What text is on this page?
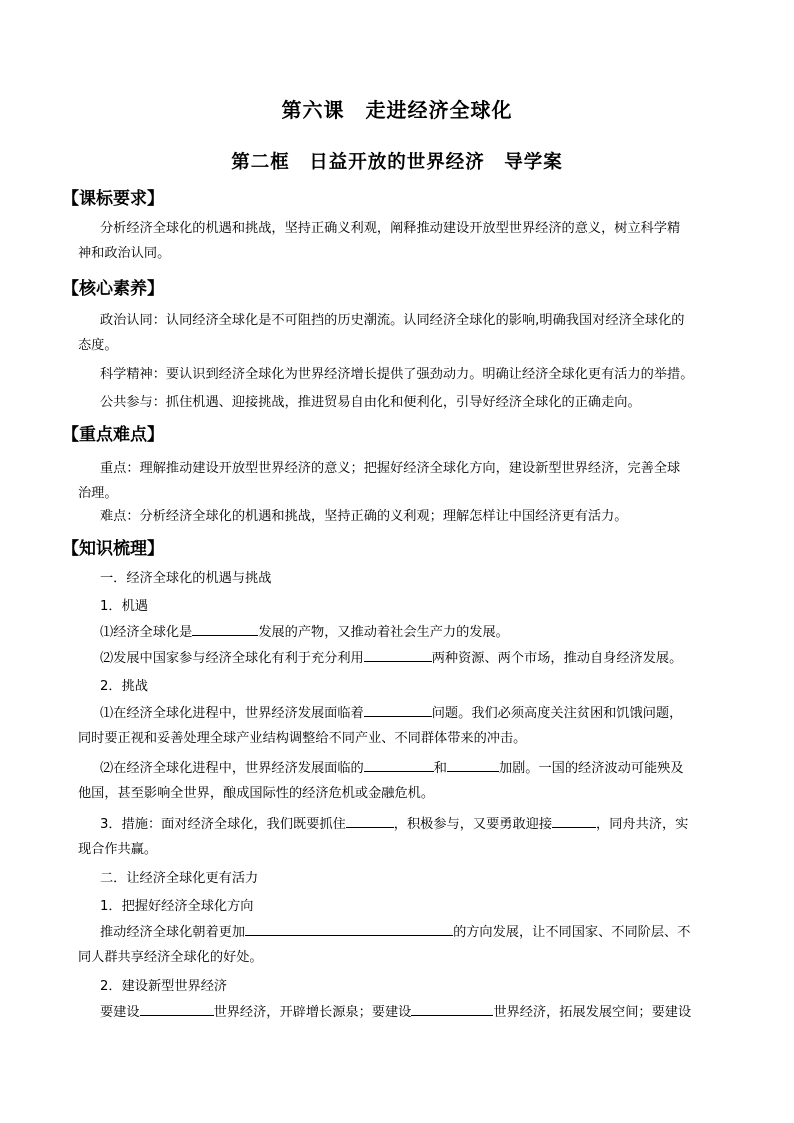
第六课　走进经济全球化
第二框　日益开放的世界经济　导学案
【课标要求】
分析经济全球化的机遇和挑战，坚持正确义利观，阐释推动建设开放型世界经济的意义，树立科学精
神和政治认同。
【核心素养】
政治认同：认同经济全球化是不可阻挡的历史潮流。认同经济全球化的影响,明确我国对经济全球化的
态度。
科学精神：要认识到经济全球化为世界经济增长提供了强劲动力。明确让经济全球化更有活力的举措。
公共参与：抓住机遇、迎接挑战，推进贸易自由化和便利化，引导好经济全球化的正确走向。
【重点难点】
重点：理解推动建设开放型世界经济的意义；把握好经济全球化方向，建设新型世界经济，完善全球
治理。
难点：分析经济全球化的机遇和挑战，坚持正确的义利观；理解怎样让中国经济更有活力。
【知识梳理】
一．经济全球化的机遇与挑战
1．机遇
⑴经济全球化是	发展的产物，又推动着社会生产力的发展。
⑵发展中国家参与经济全球化有利于充分利用	两种资源、两个市场，推动自身经济发展。
2．挑战
⑴在经济全球化进程中，世界经济发展面临着	问题。我们必须高度关注贫困和饥饿问题，
同时要正视和妥善处理全球产业结构调整给不同产业、不同群体带来的冲击。
⑵在经济全球化进程中，世界经济发展面临的	和	加剧。一国的经济波动可能殃及
他国，甚至影响全世界，酿成国际性的经济危机或金融危机。
3．措施：面对经济全球化，我们既要抓住	，积极参与，又要勇敢迎接	，同舟共济，实
现合作共赢。
二．让经济全球化更有活力
1．把握好经济全球化方向
推动经济全球化朝着更加	的方向发展，让不同国家、不同阶层、不
同人群共享经济全球化的好处。
2．建设新型世界经济
要建设	世界经济，开辟增长源泉；要建设	世界经济，拓展发展空间；要建设
